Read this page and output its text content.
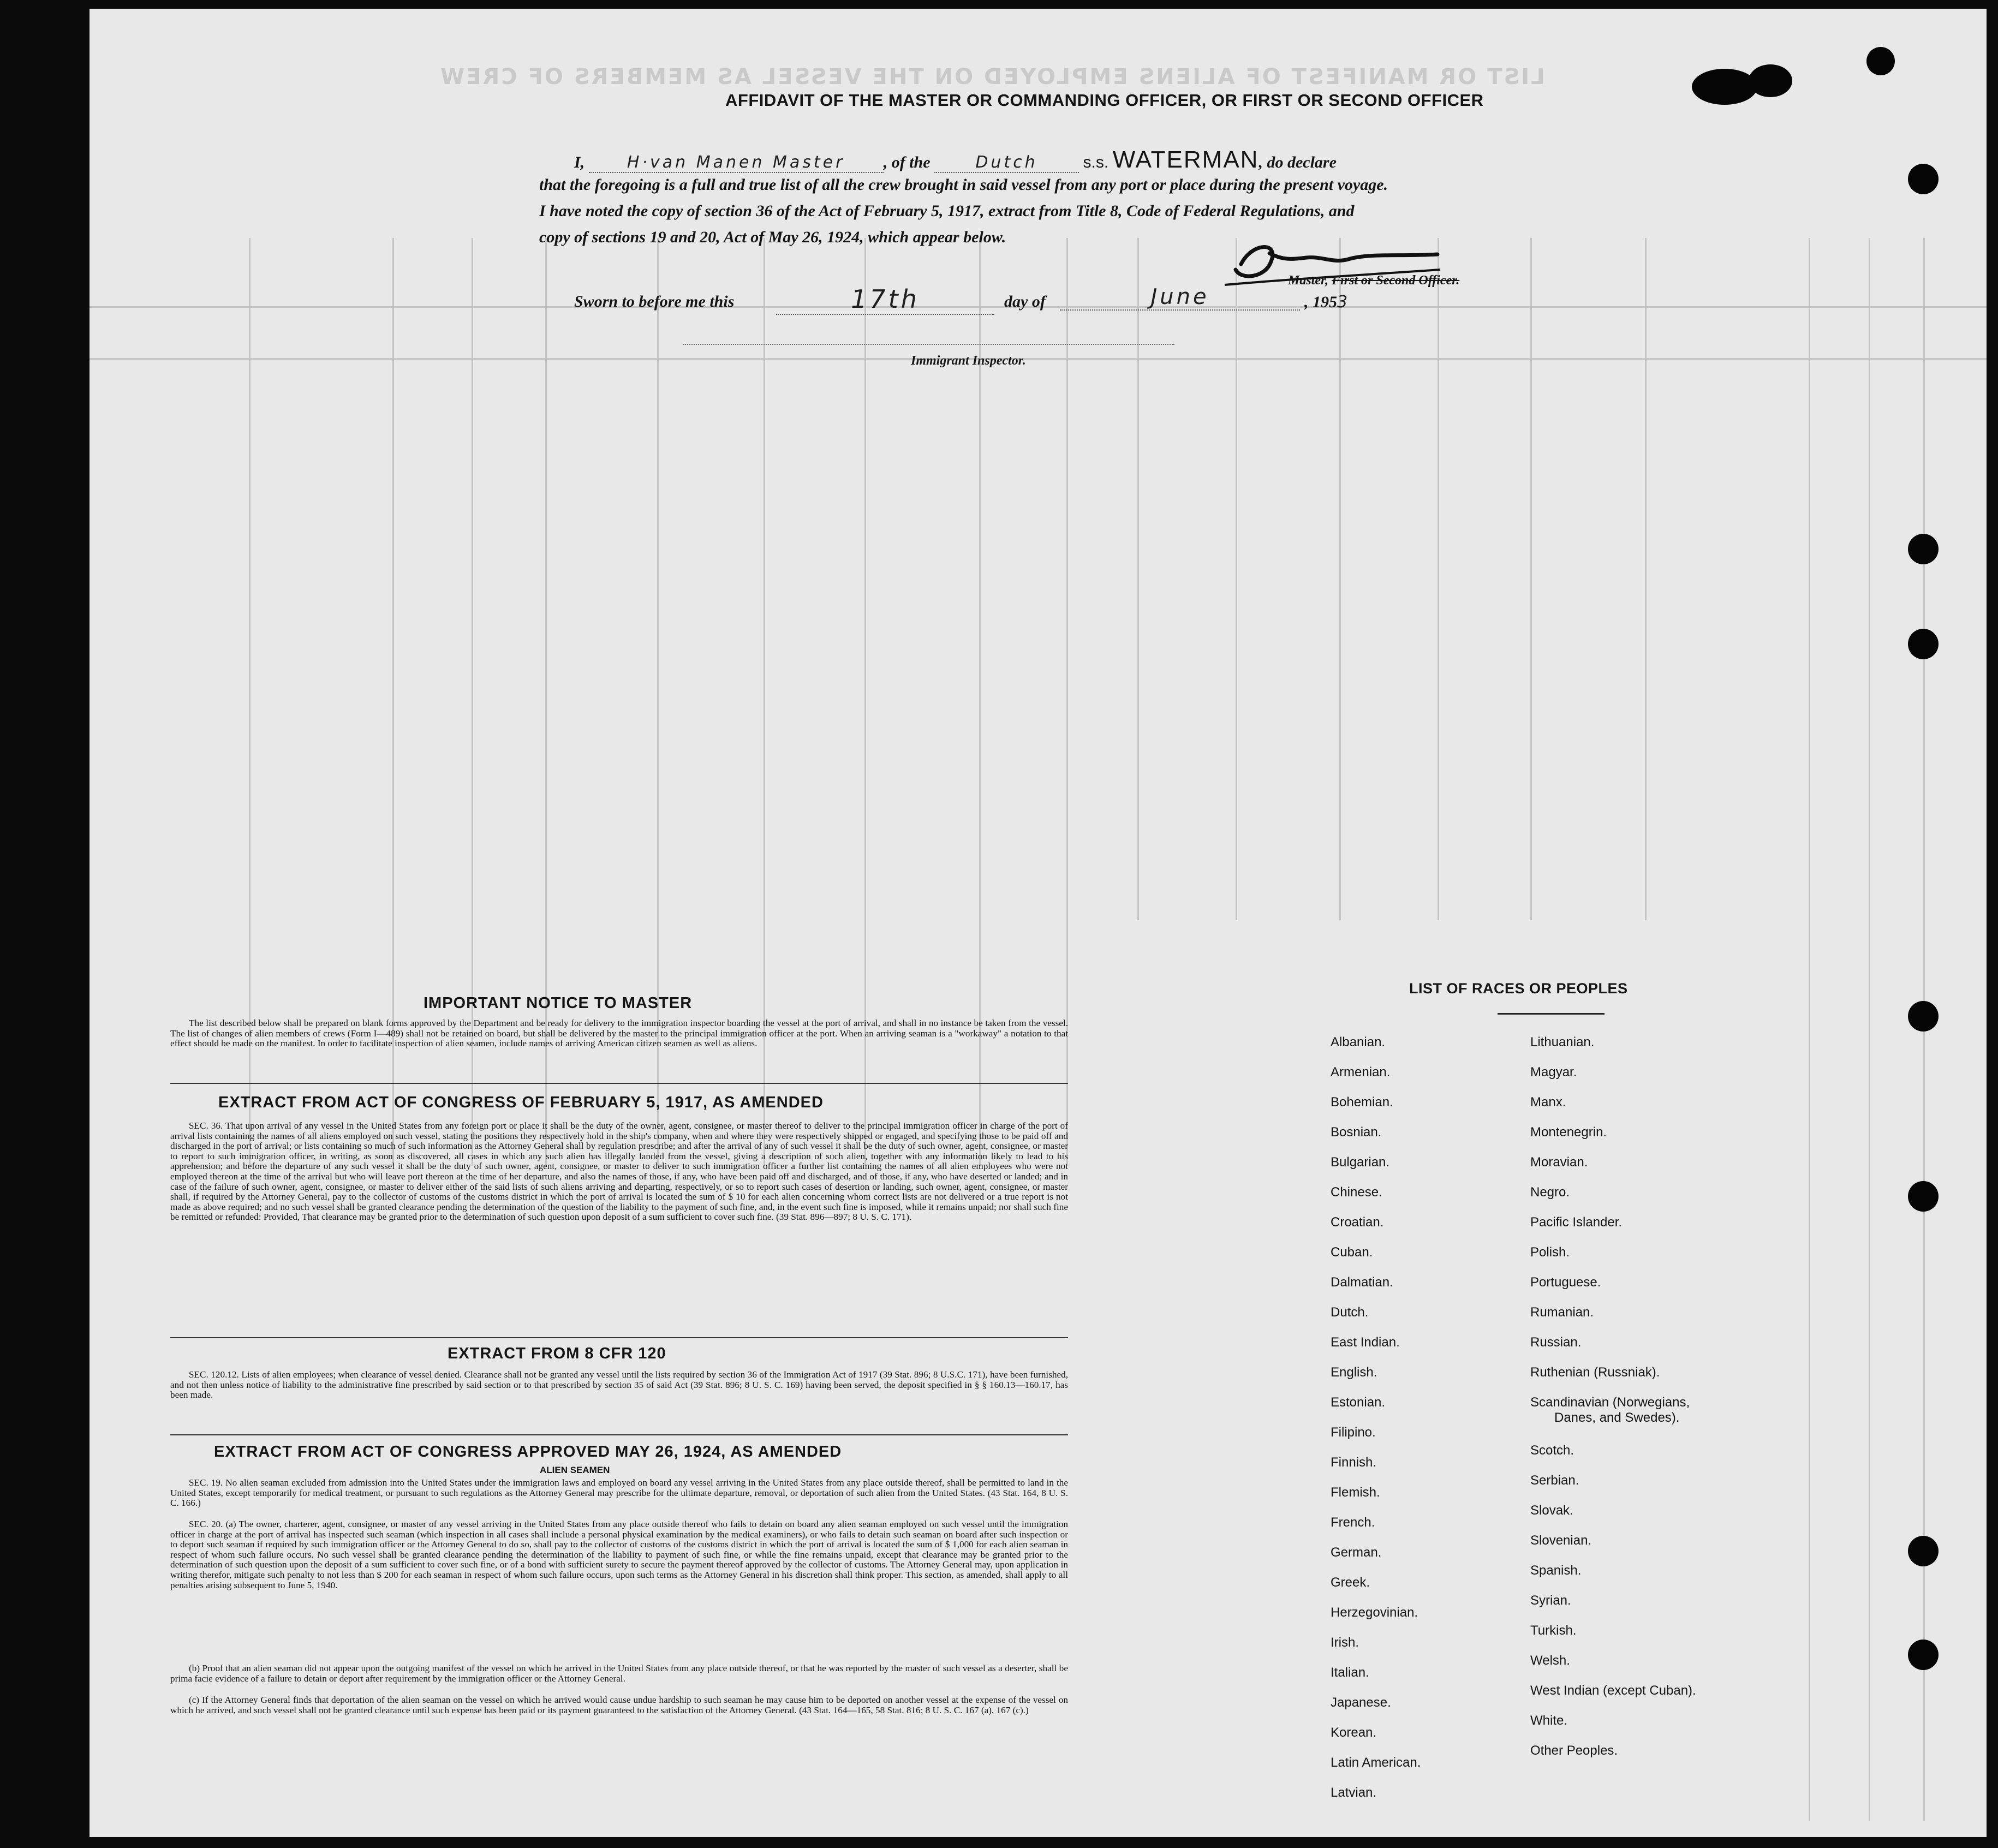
LIST OR MANIFEST OF ALIENS EMPLOYED ON THE VESSEL AS MEMBERS OF CREW
AFFIDAVIT OF THE MASTER OR COMMANDING OFFICER, OR FIRST OR SECOND OFFICER
I,	H·van Manen Master , of the	Dutch	s.s. WATERMAN, do declare
that the foregoing is a full and true list of all the crew brought in said vessel from any port or place during the present voyage.
I have noted the copy of section 36 of the Act of February 5, 1917, extract from Title 8, Code of Federal Regulations, and
copy of sections 19 and 20, Act of May 26, 1924, which appear below.
Master, First or Second Officer.
Sworn to before me this	17th	day of	June	, 1953
Immigrant Inspector.
IMPORTANT NOTICE TO MASTER
The list described below shall be prepared on blank forms approved by the Department and be ready for delivery to the immigration inspector boarding the vessel at the port of arrival, and shall in no instance be taken from the vessel. The list of changes of alien members of crews (Form I—489) shall not be retained on board, but shall be delivered by the master to the principal immigration officer at the port. When an arriving seaman is a "workaway" a notation to that effect should be made on the manifest. In order to facilitate inspection of alien seamen, include names of arriving American citizen seamen as well as aliens.
EXTRACT FROM ACT OF CONGRESS OF FEBRUARY 5, 1917, AS AMENDED
SEC. 36. That upon arrival of any vessel in the United States from any foreign port or place it shall be the duty of the owner, agent, consignee, or master thereof to deliver to the principal immigration officer in charge of the port of arrival lists containing the names of all aliens employed on such vessel, stating the positions they respectively hold in the ship's company, when and where they were respectively shipped or engaged, and specifying those to be paid off and discharged in the port of arrival; or lists containing so much of such information as the Attorney General shall by regulation prescribe; and after the arrival of any of such vessel it shall be the duty of such owner, agent, consignee, or master to report to such immigration officer, in writing, as soon as discovered, all cases in which any such alien has illegally landed from the vessel, giving a description of such alien, together with any information likely to lead to his apprehension; and before the departure of any such vessel it shall be the duty of such owner, agent, consignee, or master to deliver to such immigration officer a further list containing the names of all alien employees who were not employed thereon at the time of the arrival but who will leave port thereon at the time of her departure, and also the names of those, if any, who have been paid off and discharged, and of those, if any, who have deserted or landed; and in case of the failure of such owner, agent, consignee, or master to deliver either of the said lists of such aliens arriving and departing, respectively, or so to report such cases of desertion or landing, such owner, agent, consignee, or master shall, if required by the Attorney General, pay to the collector of customs of the customs district in which the port of arrival is located the sum of $ 10 for each alien concerning whom correct lists are not delivered or a true report is not made as above required; and no such vessel shall be granted clearance pending the determination of the question of the liability to the payment of such fine, and, in the event such fine is imposed, while it remains unpaid; nor shall such fine be remitted or refunded: Provided, That clearance may be granted prior to the determination of such question upon deposit of a sum sufficient to cover such fine. (39 Stat. 896—897; 8 U. S. C. 171).
EXTRACT FROM 8 CFR 120
SEC. 120.12. Lists of alien employees; when clearance of vessel denied. Clearance shall not be granted any vessel until the lists required by section 36 of the Immigration Act of 1917 (39 Stat. 896; 8 U.S.C. 171), have been furnished, and not then unless notice of liability to the administrative fine prescribed by said section or to that prescribed by section 35 of said Act (39 Stat. 896; 8 U. S. C. 169) having been served, the deposit specified in § § 160.13—160.17, has been made.
EXTRACT FROM ACT OF CONGRESS APPROVED MAY 26, 1924, AS AMENDED
ALIEN SEAMEN
SEC. 19. No alien seaman excluded from admission into the United States under the immigration laws and employed on board any vessel arriving in the United States from any place outside thereof, shall be permitted to land in the United States, except temporarily for medical treatment, or pursuant to such regulations as the Attorney General may prescribe for the ultimate departure, removal, or deportation of such alien from the United States. (43 Stat. 164, 8 U. S. C. 166.)
SEC. 20. (a) The owner, charterer, agent, consignee, or master of any vessel arriving in the United States from any place outside thereof who fails to detain on board any alien seaman employed on such vessel until the immigration officer in charge at the port of arrival has inspected such seaman (which inspection in all cases shall include a personal physical examination by the medical examiners), or who fails to detain such seaman on board after such inspection or to deport such seaman if required by such immigration officer or the Attorney General to do so, shall pay to the collector of customs of the customs district in which the port of arrival is located the sum of $ 1,000 for each alien seaman in respect of whom such failure occurs. No such vessel shall be granted clearance pending the determination of the liability to payment of such fine, or while the fine remains unpaid, except that clearance may be granted prior to the determination of such question upon the deposit of a sum sufficient to cover such fine, or of a bond with sufficient surety to secure the payment thereof approved by the collector of customs. The Attorney General may, upon application in writing therefor, mitigate such penalty to not less than $ 200 for each seaman in respect of whom such failure occurs, upon such terms as the Attorney General in his discretion shall think proper. This section, as amended, shall apply to all penalties arising subsequent to June 5, 1940.
(b) Proof that an alien seaman did not appear upon the outgoing manifest of the vessel on which he arrived in the United States from any place outside thereof, or that he was reported by the master of such vessel as a deserter, shall be prima facie evidence of a failure to detain or deport after requirement by the immigration officer or the Attorney General.
(c) If the Attorney General finds that deportation of the alien seaman on the vessel on which he arrived would cause undue hardship to such seaman he may cause him to be deported on another vessel at the expense of the vessel on which he arrived, and such vessel shall not be granted clearance until such expense has been paid or its payment guaranteed to the satisfaction of the Attorney General. (43 Stat. 164—165, 58 Stat. 816; 8 U. S. C. 167 (a), 167 (c).)
LIST OF RACES OR PEOPLES
Albanian.
Armenian.
Bohemian.
Bosnian.
Bulgarian.
Chinese.
Croatian.
Cuban.
Dalmatian.
Dutch.
East Indian.
English.
Estonian.
Filipino.
Finnish.
Flemish.
French.
German.
Greek.
Herzegovinian.
Irish.
Italian.
Japanese.
Korean.
Latin American.
Latvian.
Lithuanian.
Magyar.
Manx.
Montenegrin.
Moravian.
Negro.
Pacific Islander.
Polish.
Portuguese.
Rumanian.
Russian.
Ruthenian (Russniak).
Scandinavian (Norwegians,
Danes, and Swedes).
Scotch.
Serbian.
Slovak.
Slovenian.
Spanish.
Syrian.
Turkish.
Welsh.
West Indian (except Cuban).
White.
Other Peoples.
